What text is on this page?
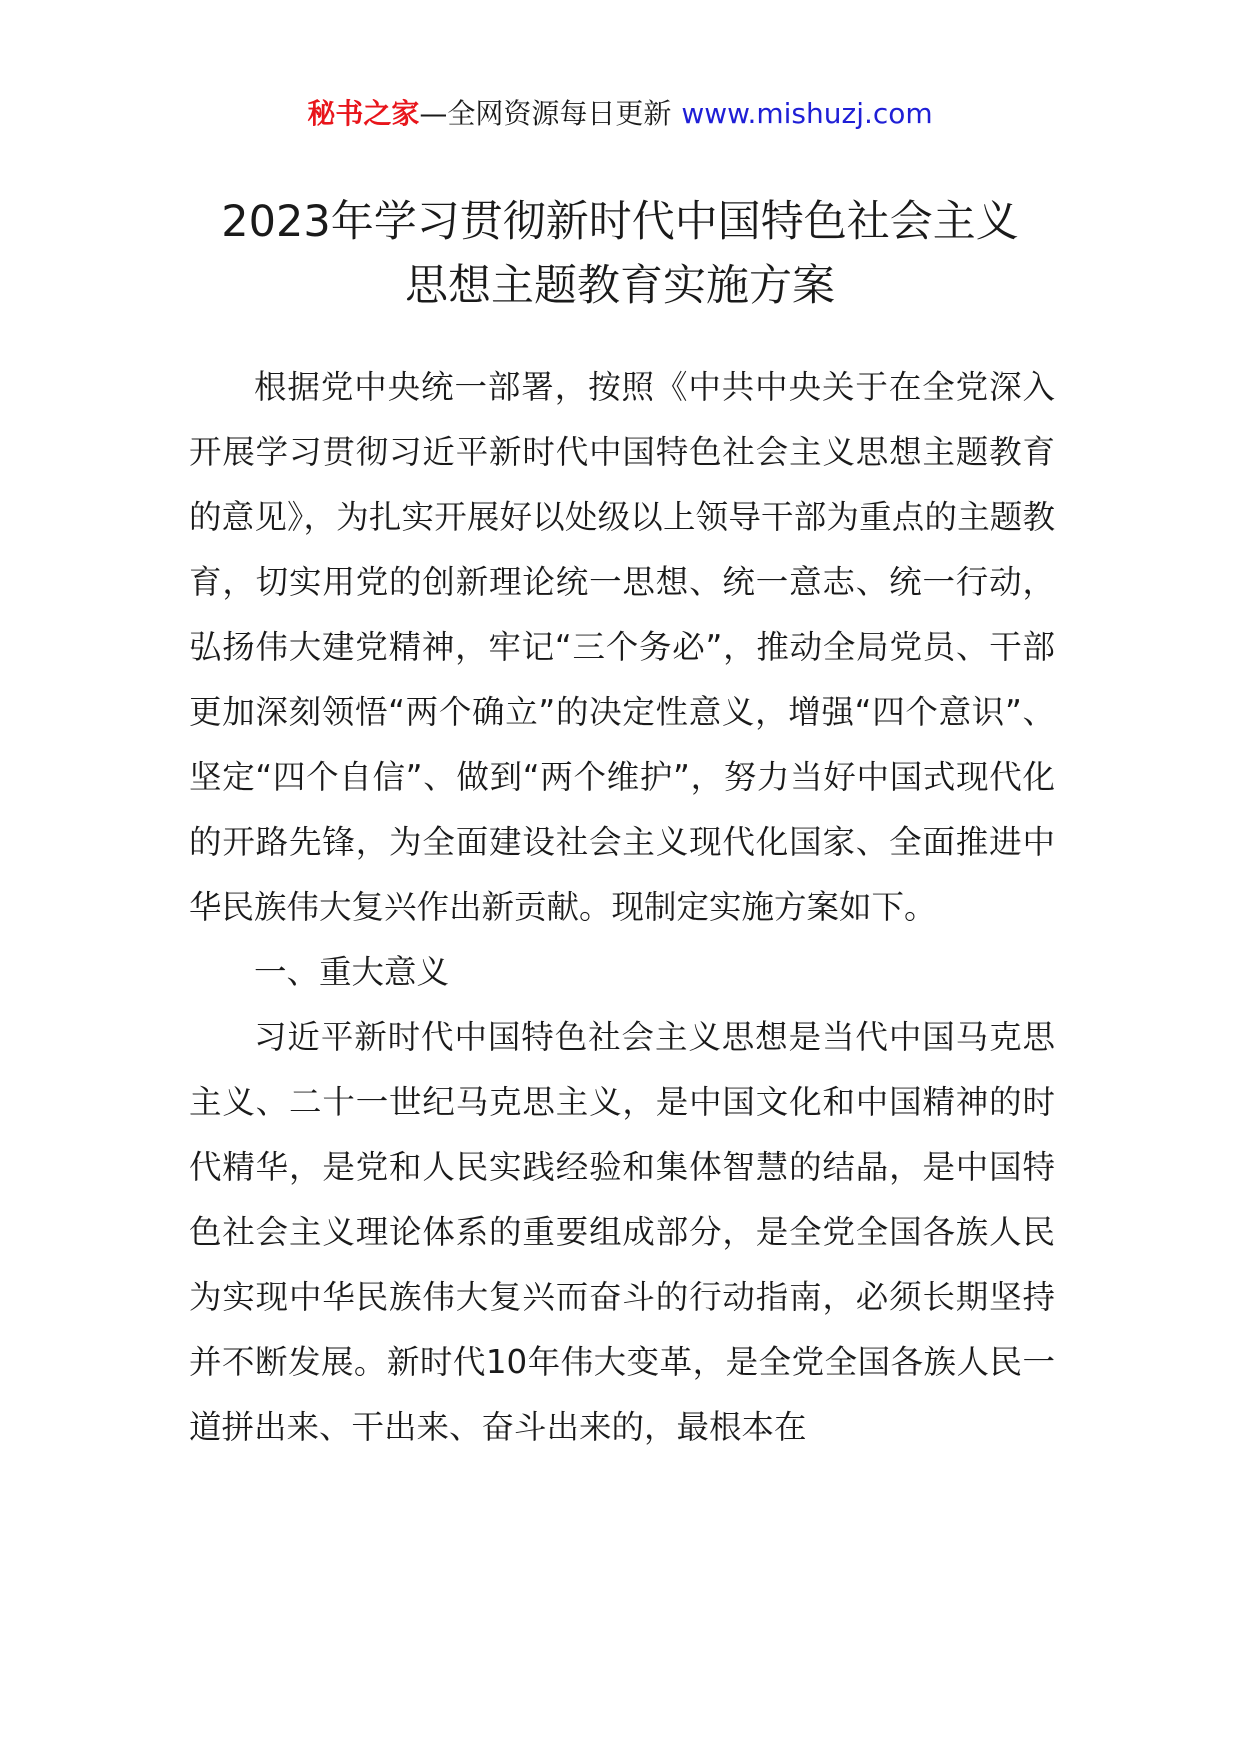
秘书之家—全网资源每日更新 www.mishuzj.com
2023年学习贯彻新时代中国特色社会主义
思想主题教育实施方案

根据党中央统一部署，按照《中共中央关于在全党深入开展学习贯彻习近平新时代中国特色社会主义思想主题教育的意见》，为扎实开展好以处级以上领导干部为重点的主题教育，切实用党的创新理论统一思想、统一意志、统一行动，弘扬伟大建党精神，牢记“三个务必”，推动全局党员、干部更加深刻领悟“两个确立”的决定性意义，增强“四个意识”、坚定“四个自信”、做到“两个维护”，努力当好中国式现代化的开路先锋，为全面建设社会主义现代化国家、全面推进中华民族伟大复兴作出新贡献。现制定实施方案如下。

一、重大意义

习近平新时代中国特色社会主义思想是当代中国马克思主义、二十一世纪马克思主义，是中国文化和中国精神的时代精华，是党和人民实践经验和集体智慧的结晶，是中国特色社会主义理论体系的重要组成部分，是全党全国各族人民为实现中华民族伟大复兴而奋斗的行动指南，必须长期坚持并不断发展。新时代10年伟大变革，是全党全国各族人民一道拼出来、干出来、奋斗出来的，最根本在
